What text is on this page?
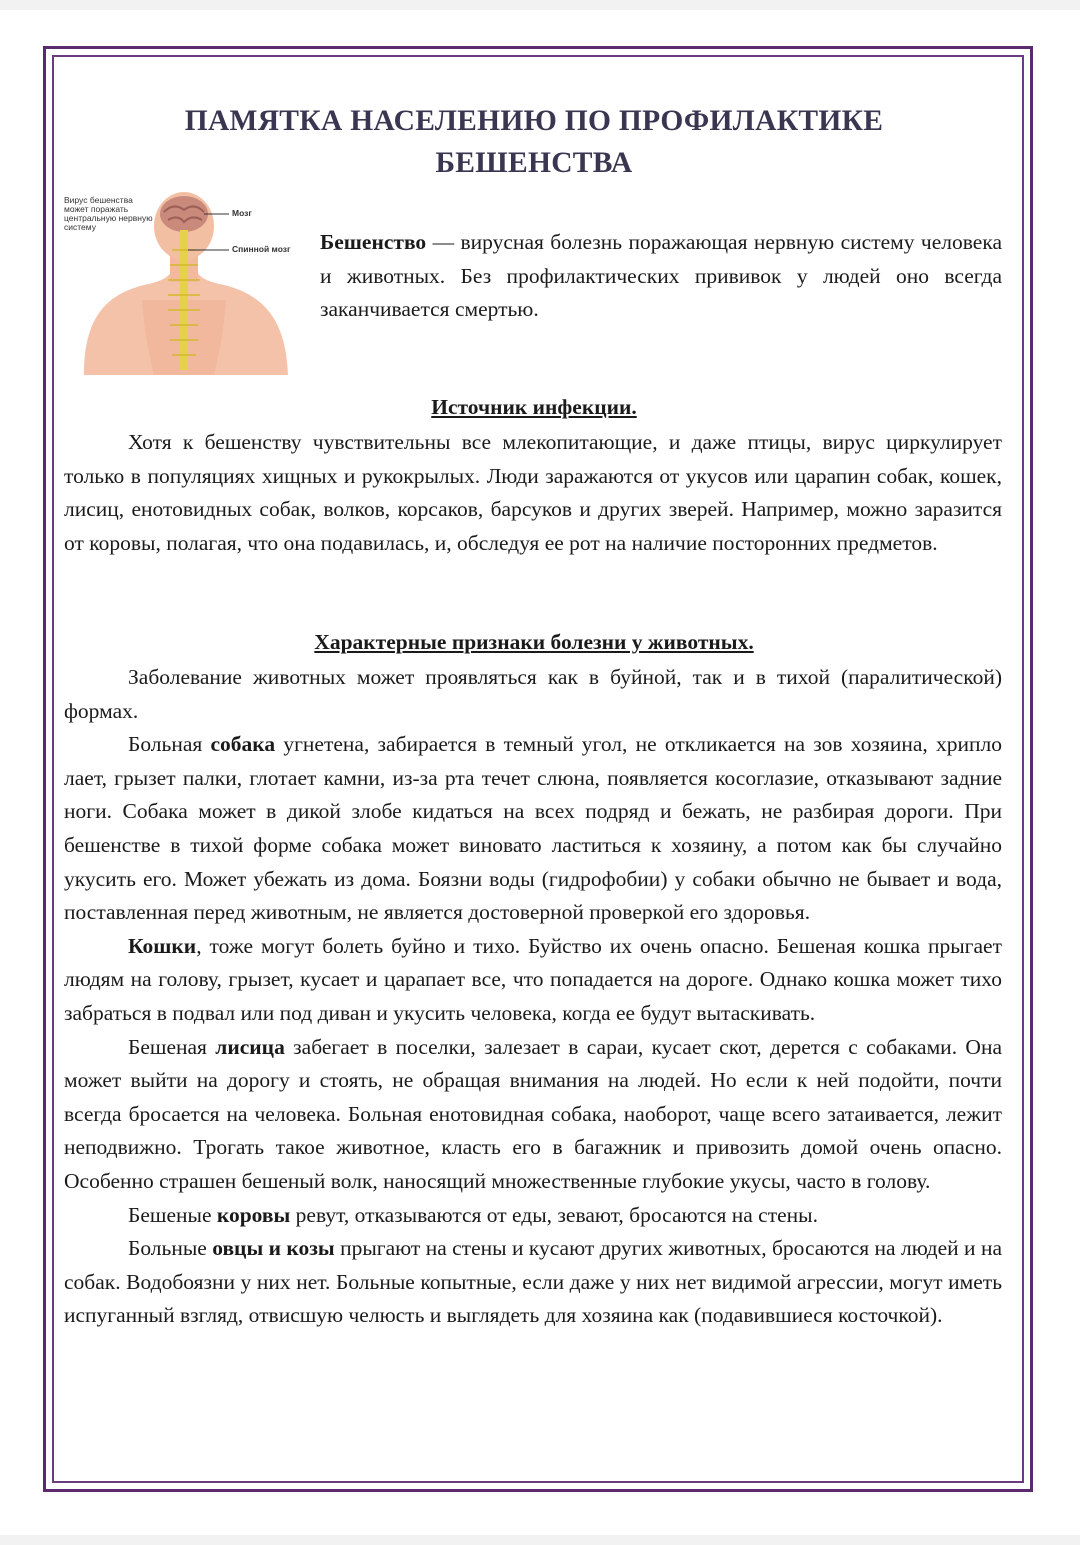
ПАМЯТКА НАСЕЛЕНИЮ ПО ПРОФИЛАКТИКЕ
БЕШЕНСТВА
Вирус бешенства может поражать центральную нервную систему
Мозг
Спинной мозг Бешенство — вирусная болезнь поражающая нервную систему человека и животных. Без профилактических прививок у людей оно всегда заканчивается смертью.
Источник инфекции.

Хотя к бешенству чувствительны все млекопитающие, и даже птицы, вирус циркулирует только в популяциях хищных и рукокрылых. Люди заражаются от укусов или царапин собак, кошек, лисиц, енотовидных собак, волков, корсаков, барсуков и других зверей. Например, можно заразится от коровы, полагая, что она подавилась, и, обследуя ее рот на наличие посторонних предметов.

Характерные признаки болезни у животных.

Заболевание животных может проявляться как в буйной, так и в тихой (паралитической) формах.

Больная собака угнетена, забирается в темный угол, не откликается на зов хозяина, хрипло лает, грызет палки, глотает камни, из-за рта течет слюна, появляется косоглазие, отказывают задние ноги. Собака может в дикой злобе кидаться на всех подряд и бежать, не разбирая дороги. При бешенстве в тихой форме собака может виновато ластиться к хозяину, а потом как бы случайно укусить его. Может убежать из дома. Боязни воды (гидрофобии) у собаки обычно не бывает и вода, поставленная перед животным, не является достоверной проверкой его здоровья.

Кошки, тоже могут болеть буйно и тихо. Буйство их очень опасно. Бешеная кошка прыгает людям на голову, грызет, кусает и царапает все, что попадается на дороге. Однако кошка может тихо забраться в подвал или под диван и укусить человека, когда ее будут вытаскивать.

Бешеная лисица забегает в поселки, залезает в сараи, кусает скот, дерется с собаками. Она может выйти на дорогу и стоять, не обращая внимания на людей. Но если к ней подойти, почти всегда бросается на человека. Больная енотовидная собака, наоборот, чаще всего затаивается, лежит неподвижно. Трогать такое животное, класть его в багажник и привозить домой очень опасно. Особенно страшен бешеный волк, наносящий множественные глубокие укусы, часто в голову.

Бешеные коровы ревут, отказываются от еды, зевают, бросаются на стены.

Больные овцы и козы прыгают на стены и кусают других животных, бросаются на людей и на собак. Водобоязни у них нет. Больные копытные, если даже у них нет видимой агрессии, могут иметь испуганный взгляд, отвисшую челюсть и выглядеть для хозяина как (подавившиеся косточкой).
